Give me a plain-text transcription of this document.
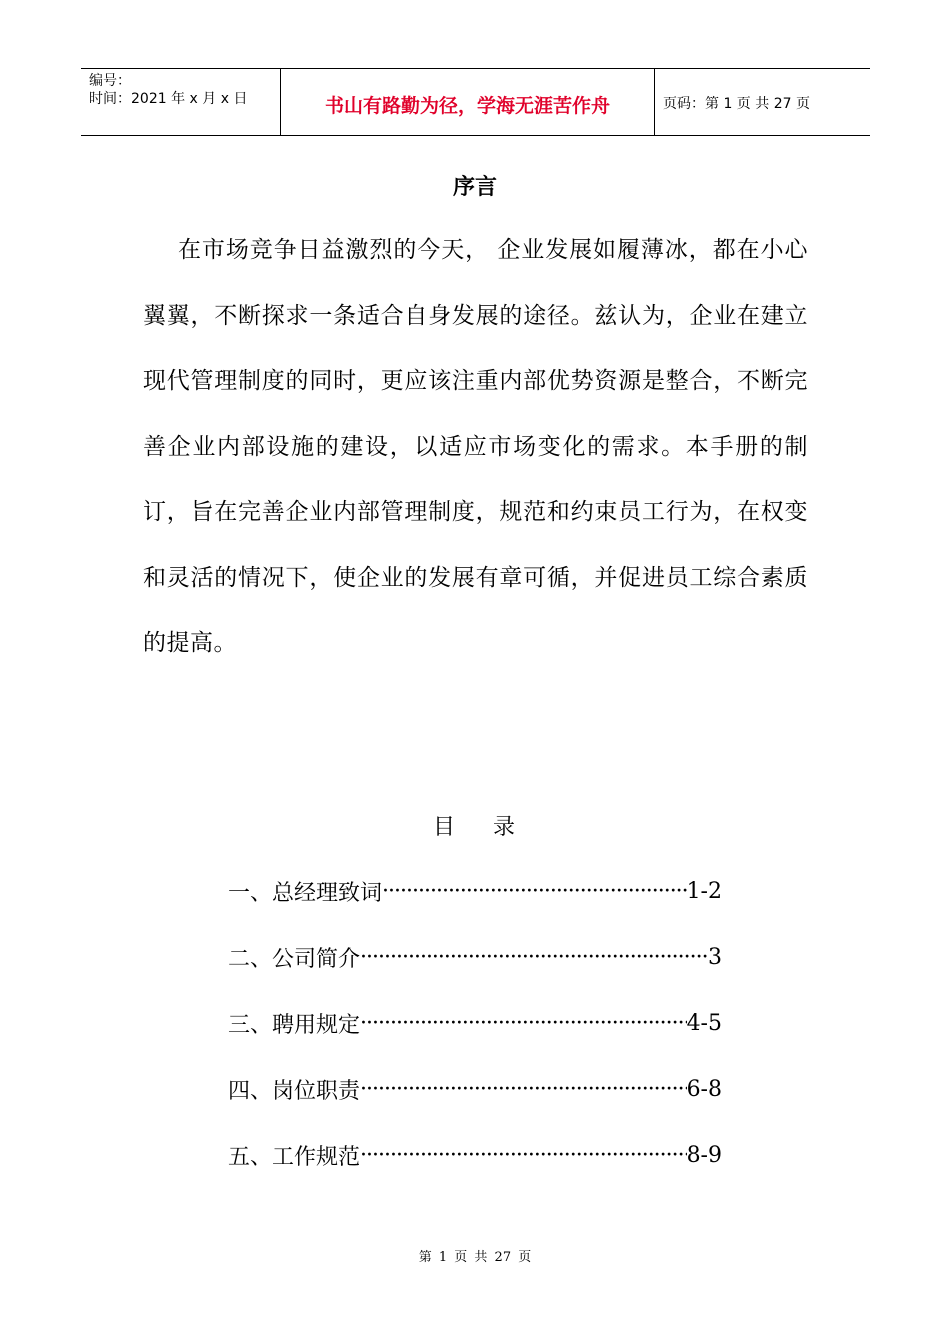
编号：
时间：2021 年 x 月 x 日	书山有路勤为径，学海无涯苦作舟	页码：第 1 页 共 27 页
序言

在市场竞争日益激烈的今天， 企业发展如履薄冰，都在小心翼翼，不断探求一条适合自身发展的途径。兹认为，企业在建立现代管理制度的同时，更应该注重内部优势资源是整合，不断完善企业内部设施的建设，以适应市场变化的需求。本手册的制订，旨在完善企业内部管理制度，规范和约束员工行为，在权变和灵活的情况下，使企业的发展有章可循，并促进员工综合素质的提高。

目    录
一、总经理致词 ·····	1-2
二、公司简介 ·····	3
三、聘用规定 ·····	4-5
四、岗位职责 ·····	6-8
五、工作规范 ·····	8-9
第 1 页 共 27 页
